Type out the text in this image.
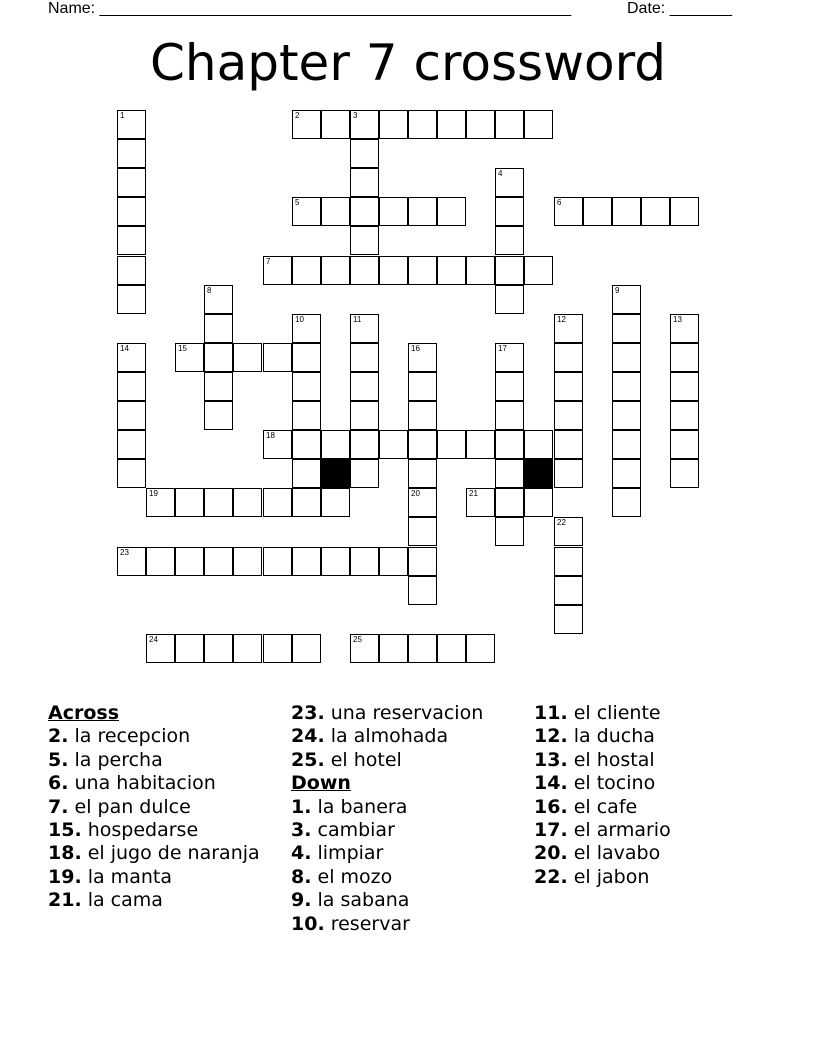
Name: _____________________________________________________	Date: _______
Chapter 7 crossword
1	2	3
4
5	6
7
8	9
10	11	12	13
14	15	16	17
18
19	20	21
22
23
24	25
Across
2. la recepcion
5. la percha
6. una habitacion
7. el pan dulce
15. hospedarse
18. el jugo de naranja
19. la manta
21. la cama
23. una reservacion
24. la almohada
25. el hotel
Down
1. la banera
3. cambiar
4. limpiar
8. el mozo
9. la sabana
10. reservar
11. el cliente
12. la ducha
13. el hostal
14. el tocino
16. el cafe
17. el armario
20. el lavabo
22. el jabon
